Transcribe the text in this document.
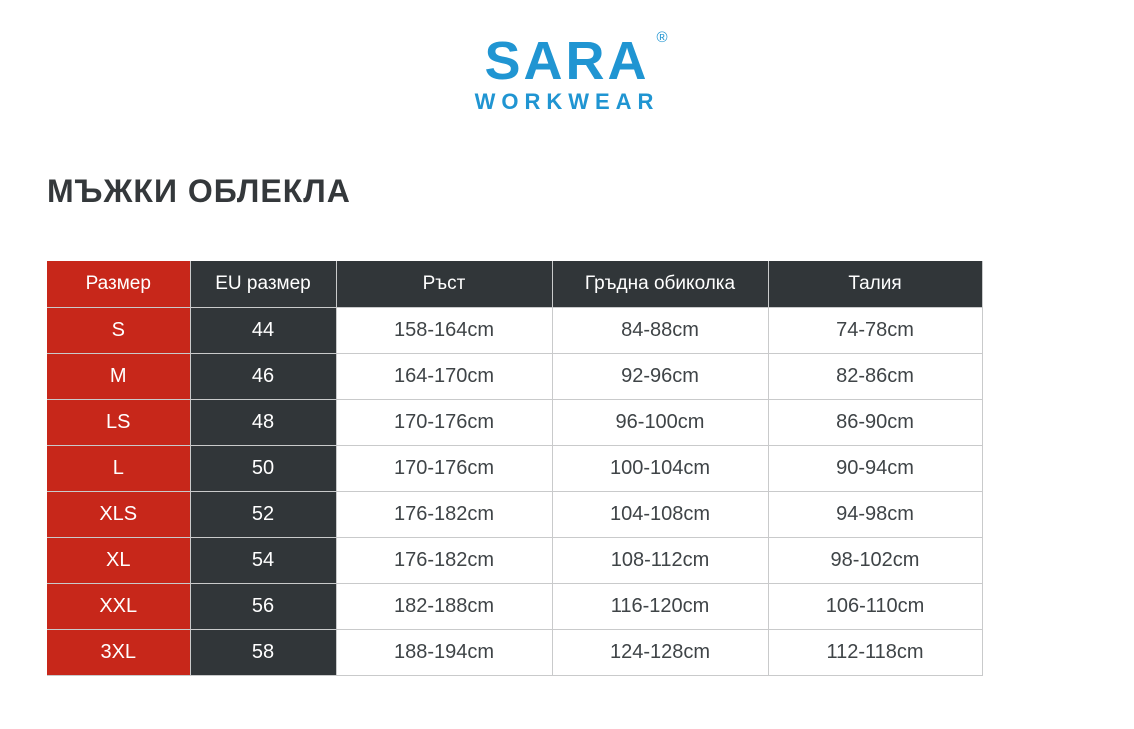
SARA ®
WORKWEAR
МЪЖКИ ОБЛЕКЛА
Размер	EU размер	Ръст	Гръдна обиколка	Талия
S	44	158-164cm	84-88cm	74-78cm
M	46	164-170cm	92-96cm	82-86cm
LS	48	170-176cm	96-100cm	86-90cm
L	50	170-176cm	100-104cm	90-94cm
XLS	52	176-182cm	104-108cm	94-98cm
XL	54	176-182cm	108-112cm	98-102cm
XXL	56	182-188cm	116-120cm	106-110cm
3XL	58	188-194cm	124-128cm	112-118cm
